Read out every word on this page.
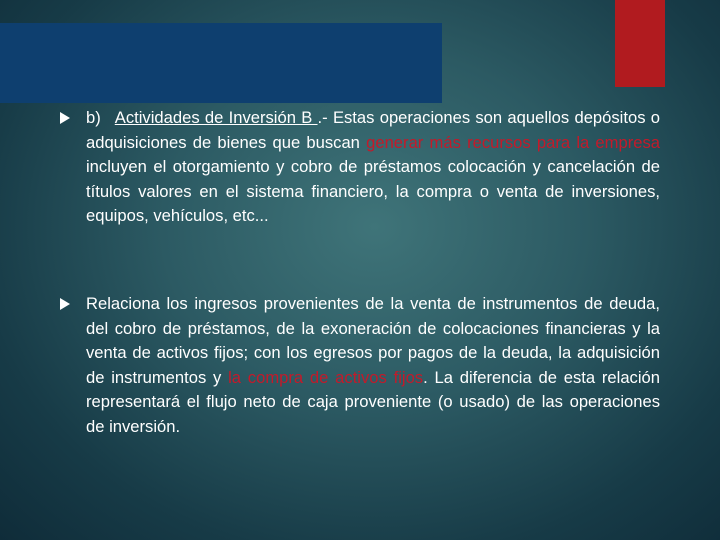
b) Actividades de Inversión B .- Estas operaciones son aquellos depósitos o adquisiciones de bienes que buscan generar más recursos para la empresa incluyen el otorgamiento y cobro de préstamos colocación y cancelación de títulos valores en el sistema financiero, la compra o venta de inversiones, equipos, vehículos, etc...

Relaciona los ingresos provenientes de la venta de instrumentos de deuda, del cobro de préstamos, de la exoneración de colocaciones financieras y la venta de activos fijos; con los egresos por pagos de la deuda, la adquisición de instrumentos y la compra de activos fijos. La diferencia de esta relación representará el flujo neto de caja proveniente (o usado) de las operaciones de inversión.
